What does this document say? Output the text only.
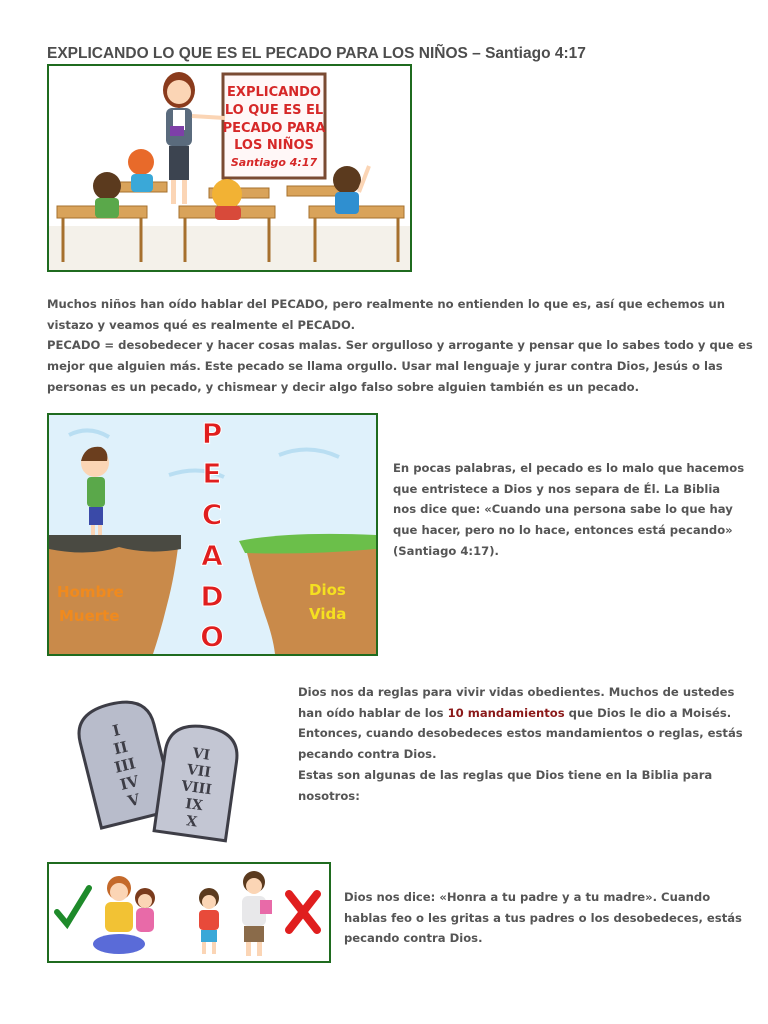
EXPLICANDO LO QUE ES EL PECADO PARA LOS NIÑOS – Santiago 4:17
EXPLICANDO
LO QUE ES EL
PECADO PARA
LOS NIÑOS
Santiago 4:17
Muchos niños han oído hablar del PECADO, pero realmente no entienden lo que es, así que echemos un
vistazo y veamos qué es realmente el PECADO.
PECADO = desobedecer y hacer cosas malas. Ser orgulloso y arrogante y pensar que lo sabes todo y que es
mejor que alguien más. Este pecado se llama orgullo. Usar mal lenguaje y jurar contra Dios, Jesús o las
personas es un pecado, y chismear y decir algo falso sobre alguien también es un pecado.
P
E
C
A
D
O
Hombre
Muerte
Dios
Vida
En pocas palabras, el pecado es lo malo que hacemos
que entristece a Dios y nos separa de Él. La Biblia
nos dice que: «Cuando una persona sabe lo que hay
que hacer, pero no lo hace, entonces está pecando»
(Santiago 4:17).
I
II
III
IV
V
VI
VII
VIII
IX
X
Dios nos da reglas para vivir vidas obedientes. Muchos de ustedes
han oído hablar de los 10 mandamientos que Dios le dio a Moisés.
Entonces, cuando desobedeces estos mandamientos o reglas, estás
pecando contra Dios.
Estas son algunas de las reglas que Dios tiene en la Biblia para
nosotros:
Dios nos dice: «Honra a tu padre y a tu madre». Cuando
hablas feo o les gritas a tus padres o los desobedeces, estás
pecando contra Dios.
